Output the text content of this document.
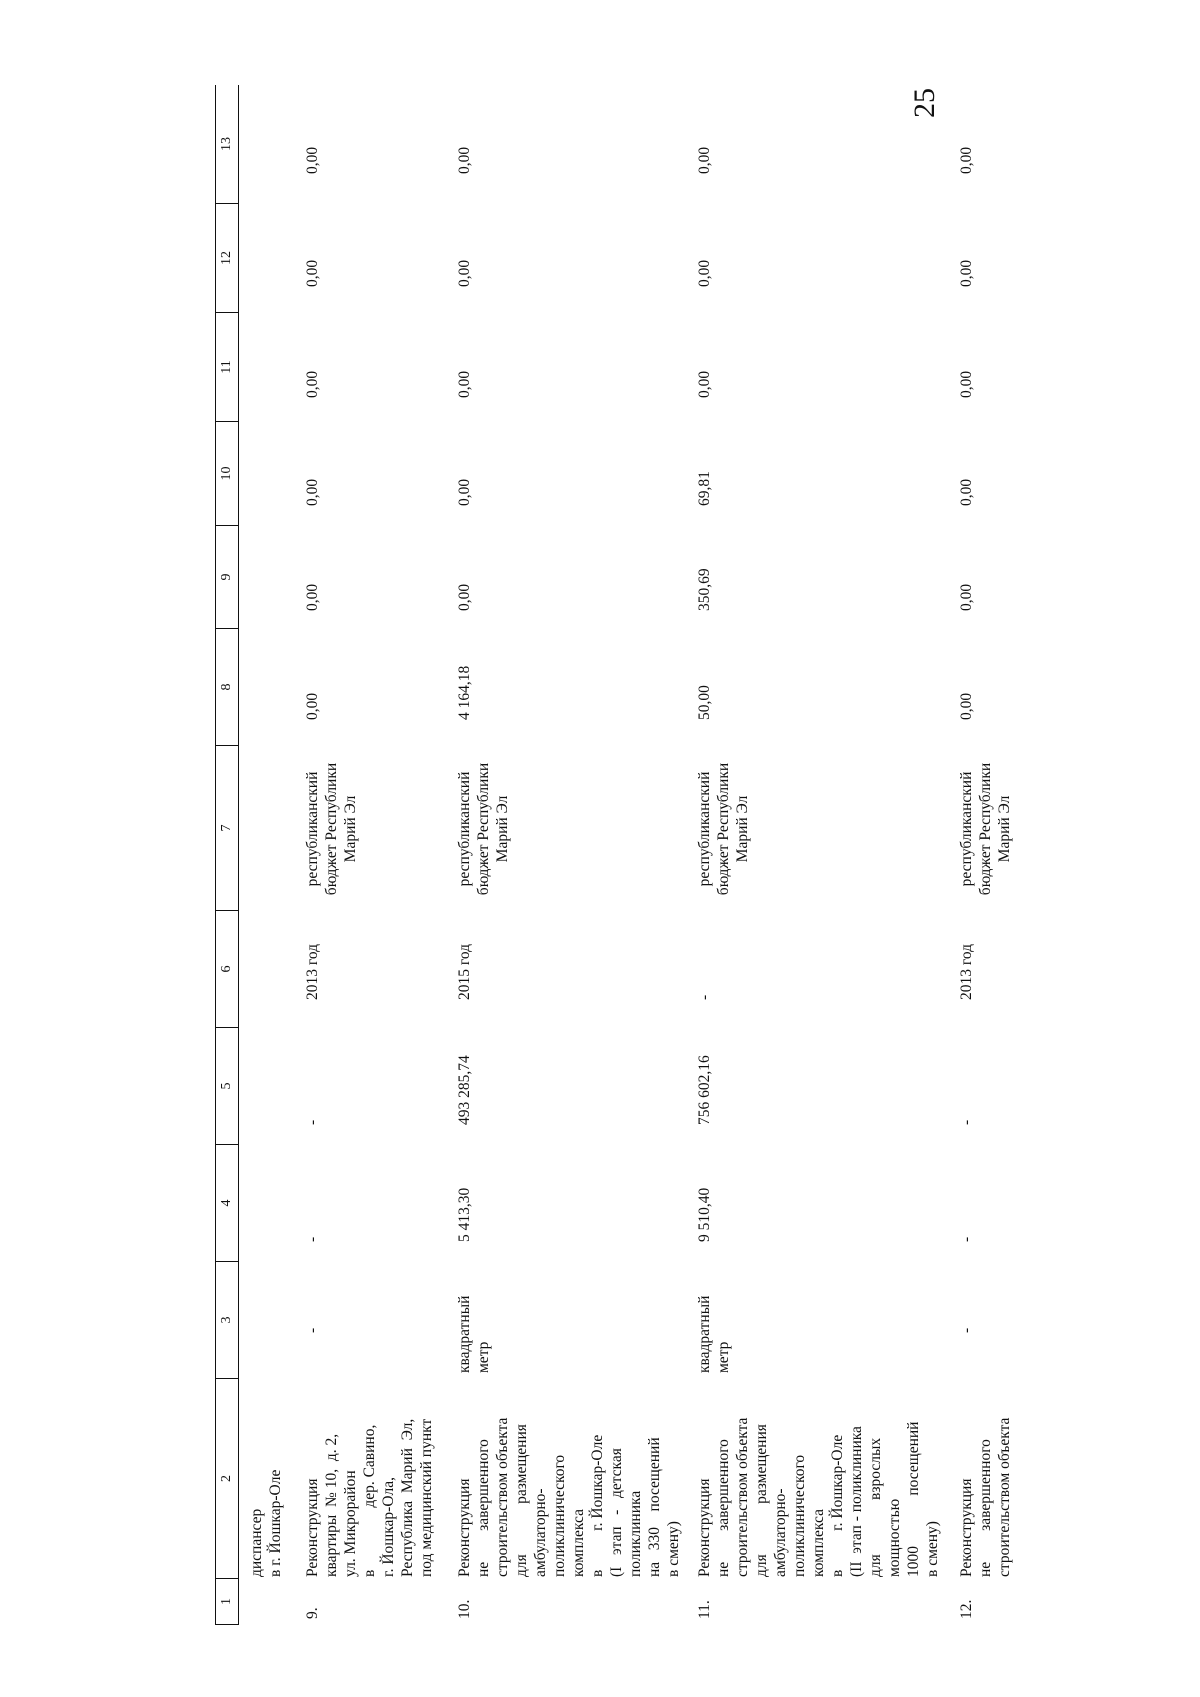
25
1
2
3
4
5
6
7
8
9
10
11
12
13
диспансер в г. Йошкар-Оле
9.
Реконструкция квартиры  № 10,  д. 2, ул. Микрорайон в                дер. Савино, г. Йошкар-Ола, Республика  Марий  Эл, под медицинский пункт
-
республиканский бюджет Республики Марий Эл
-
-
2013 год
0,00
0,00
0,00
0,00
0,00
0,00
10.
Реконструкция не        завершенного строительством объекта для             размещения амбулаторно- поликлинического комплекса в          г. Йошкар-Оле (I   этап   -   детская поликлиника на   330    посещений в смену)
квадратный метр
республиканский бюджет Республики Марий Эл
5 413,30
493 285,74
2015 год
4 164,18
0,00
0,00
0,00
0,00
0,00
11.
Реконструкция не        завершенного строительством объекта для             размещения амбулаторно- поликлинического комплекса в          г. Йошкар-Оле (II  этап - поликлиника для              взрослых мощностью 1000             посещений в смену)
квадратный метр
республиканский бюджет Республики Марий Эл
9 510,40
756 602,16
-
50,00
350,69
69,81
0,00
0,00
0,00
12.
Реконструкция не        завершенного строительством объекта
-
республиканский бюджет Республики Марий Эл
-
-
2013 год
0,00
0,00
0,00
0,00
0,00
0,00
